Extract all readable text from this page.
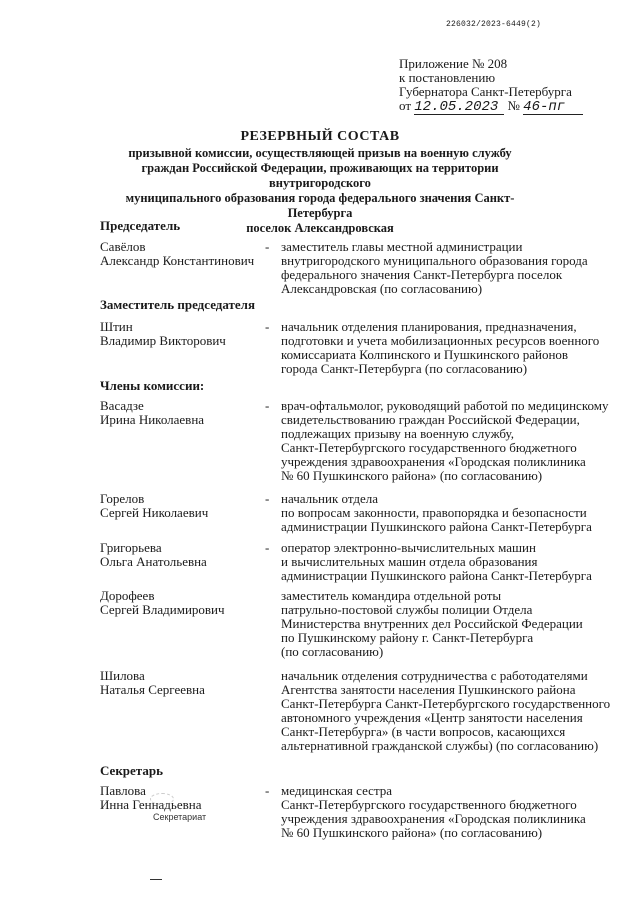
226032/2023-6449(2)
Приложение № 208
к постановлению
Губернатора Санкт-Петербурга
от 12.05.2023 № 46-пг
РЕЗЕРВНЫЙ СОСТАВ
призывной комиссии, осуществляющей призыв на военную службу
граждан Российской Федерации, проживающих на территории внутригородского
муниципального образования города федерального значения Санкт-Петербурга
поселок Александровская
Председатель
Заместитель председателя
Члены комиссии:
Секретарь
Савёлов
Александр Константинович
- заместитель главы местной администрации
внутригородского муниципального образования города
федерального значения Санкт-Петербурга поселок
Александровская (по согласованию)
Штин
Владимир Викторович
- начальник отделения планирования, предназначения,
подготовки и учета мобилизационных ресурсов военного
комиссариата Колпинского и Пушкинского районов
города Санкт-Петербурга (по согласованию)
Васадзе
Ирина Николаевна
- врач-офтальмолог, руководящий работой по медицинскому
свидетельствованию граждан Российской Федерации,
подлежащих призыву на военную службу,
Санкт-Петербургского государственного бюджетного
учреждения здравоохранения «Городская поликлиника
№ 60 Пушкинского района» (по согласованию)
Горелов
Сергей Николаевич
- начальник отдела
по вопросам законности, правопорядка и безопасности
администрации Пушкинского района Санкт-Петербурга
Григорьева
Ольга Анатольевна
- оператор электронно-вычислительных машин
и вычислительных машин отдела образования
администрации Пушкинского района Санкт-Петербурга
Дорофеев
Сергей Владимирович
заместитель командира отдельной роты
патрульно-постовой службы полиции Отдела
Министерства внутренних дел Российской Федерации
по Пушкинскому району г. Санкт-Петербурга
(по согласованию)
Шилова
Наталья Сергеевна
начальник отделения сотрудничества с работодателями
Агентства занятости населения Пушкинского района
Санкт-Петербурга Санкт-Петербургского государственного
автономного учреждения «Центр занятости населения
Санкт-Петербурга» (в части вопросов, касающихся
альтернативной гражданской службы) (по согласованию)
Павлова
Инна Геннадьевна
- медицинская сестра
Санкт-Петербургского государственного бюджетного
учреждения здравоохранения «Городская поликлиника
№ 60 Пушкинского района» (по согласованию)
Секретариат
